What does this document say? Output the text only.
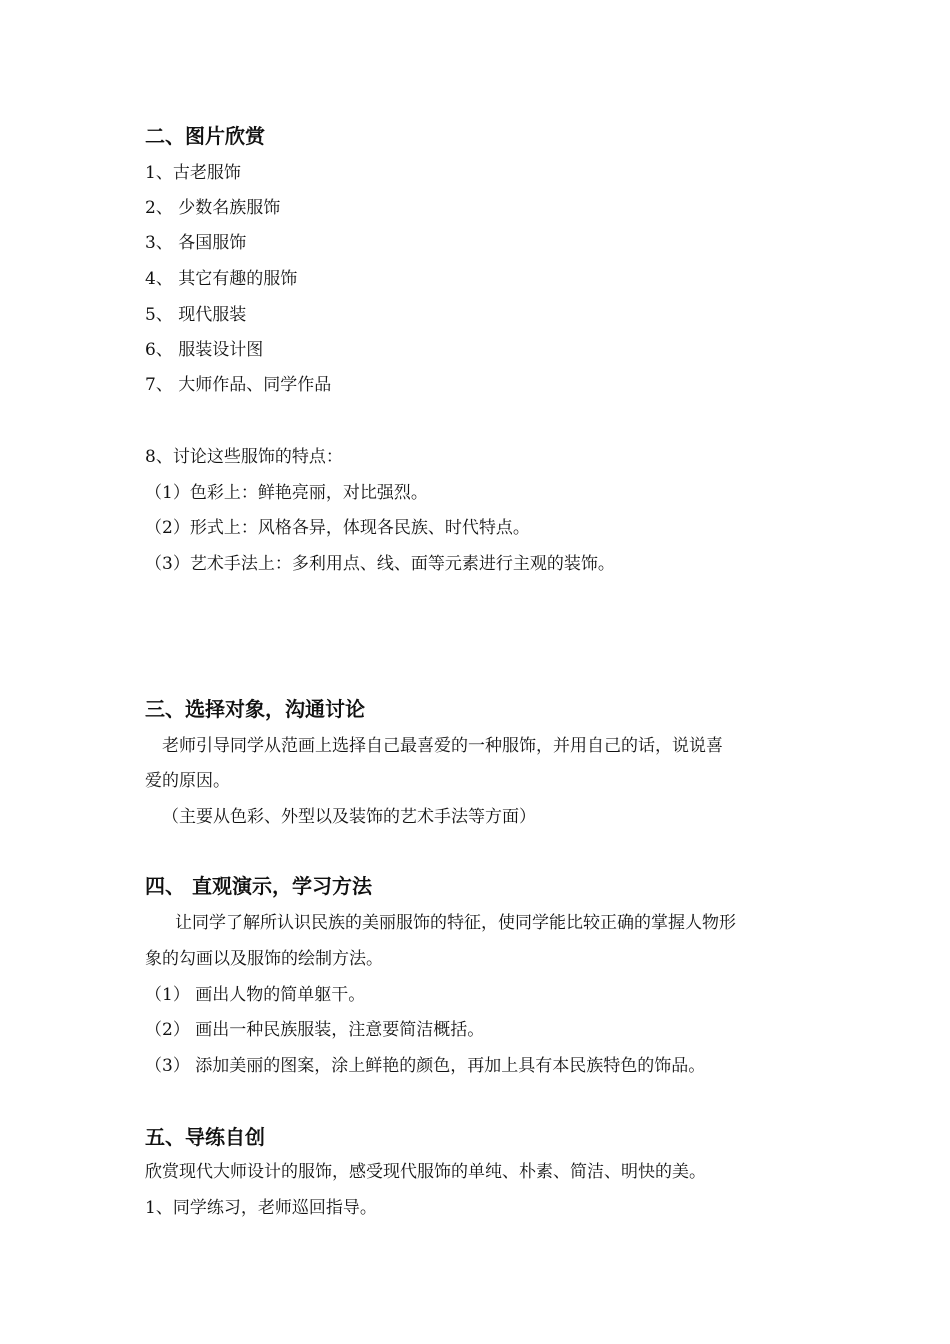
二、图片欣赏
1、古老服饰
2、 少数名族服饰
3、 各国服饰
4、 其它有趣的服饰
5、 现代服装
6、 服装设计图
7、 大师作品、同学作品
8、讨论这些服饰的特点：
（1）色彩上：鲜艳亮丽，对比强烈。
（2）形式上：风格各异，体现各民族、时代特点。
（3）艺术手法上：多利用点、线、面等元素进行主观的装饰。
三、选择对象，沟通讨论
老师引导同学从范画上选择自己最喜爱的一种服饰，并用自己的话，说说喜
爱的原因。
（主要从色彩、外型以及装饰的艺术手法等方面）
四、 直观演示，学习方法
让同学了解所认识民族的美丽服饰的特征，使同学能比较正确的掌握人物形
象的勾画以及服饰的绘制方法。
（1） 画出人物的简单躯干。
（2） 画出一种民族服装，注意要简洁概括。
（3） 添加美丽的图案，涂上鲜艳的颜色，再加上具有本民族特色的饰品。
五、导练自创
欣赏现代大师设计的服饰，感受现代服饰的单纯、朴素、简洁、明快的美。
1、同学练习，老师巡回指导。
